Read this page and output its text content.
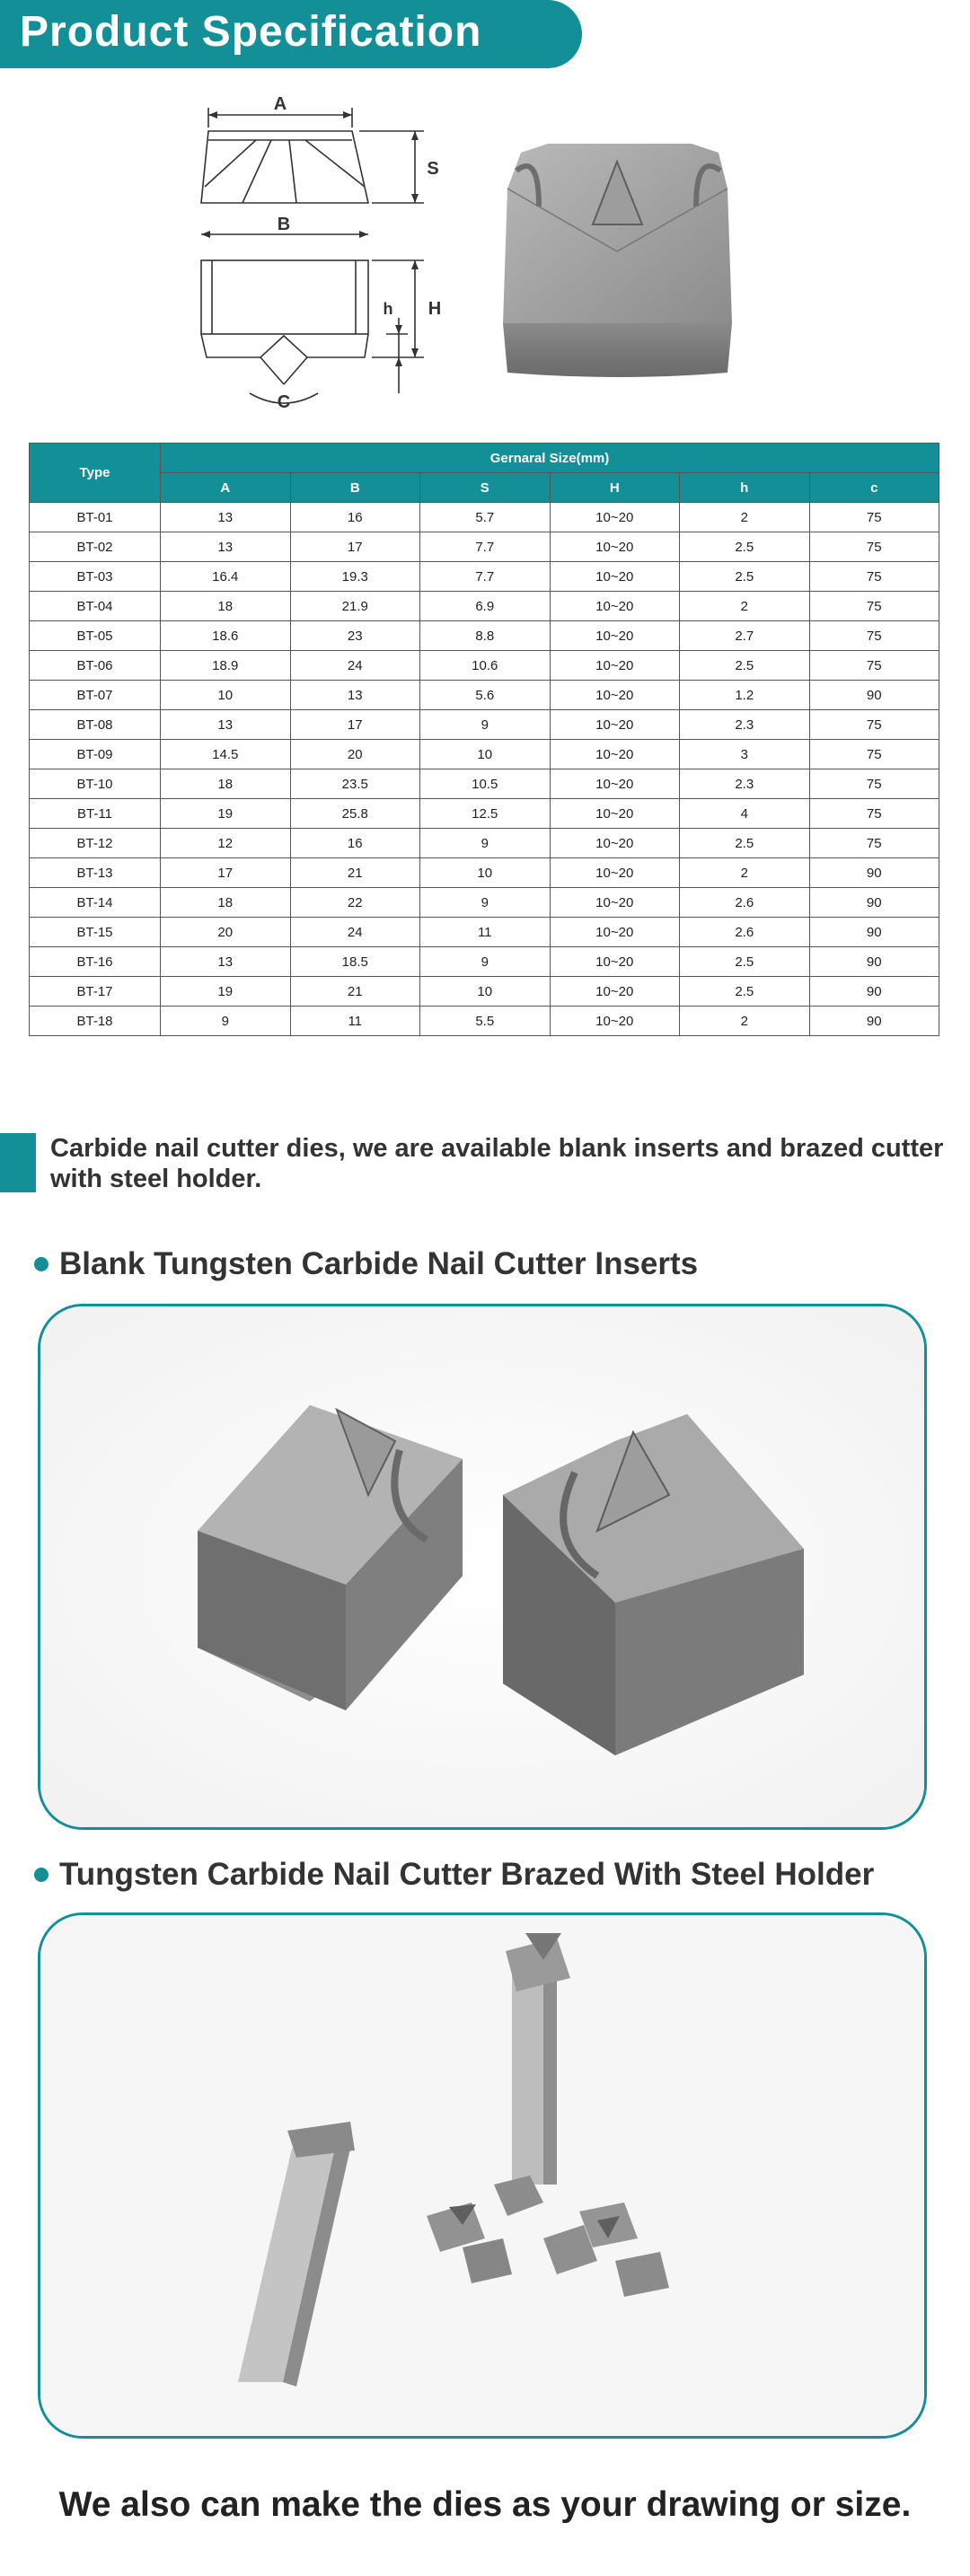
Product Specification
A
S
B
H
h
C
Type	Gernaral Size(mm)					
	A	B	S	H	h	c
BT-01	13	16	5.7	10~20	2	75
BT-02	13	17	7.7	10~20	2.5	75
BT-03	16.4	19.3	7.7	10~20	2.5	75
BT-04	18	21.9	6.9	10~20	2	75
BT-05	18.6	23	8.8	10~20	2.7	75
BT-06	18.9	24	10.6	10~20	2.5	75
BT-07	10	13	5.6	10~20	1.2	90
BT-08	13	17	9	10~20	2.3	75
BT-09	14.5	20	10	10~20	3	75
BT-10	18	23.5	10.5	10~20	2.3	75
BT-11	19	25.8	12.5	10~20	4	75
BT-12	12	16	9	10~20	2.5	75
BT-13	17	21	10	10~20	2	90
BT-14	18	22	9	10~20	2.6	90
BT-15	20	24	11	10~20	2.6	90
BT-16	13	18.5	9	10~20	2.5	90
BT-17	19	21	10	10~20	2.5	90
BT-18	9	11	5.5	10~20	2	90
Carbide nail cutter dies, we are available blank inserts and brazed cutter with steel holder.
Blank Tungsten Carbide Nail Cutter Inserts
Tungsten Carbide Nail Cutter Brazed With Steel Holder
We also can make the dies as your drawing or size.
